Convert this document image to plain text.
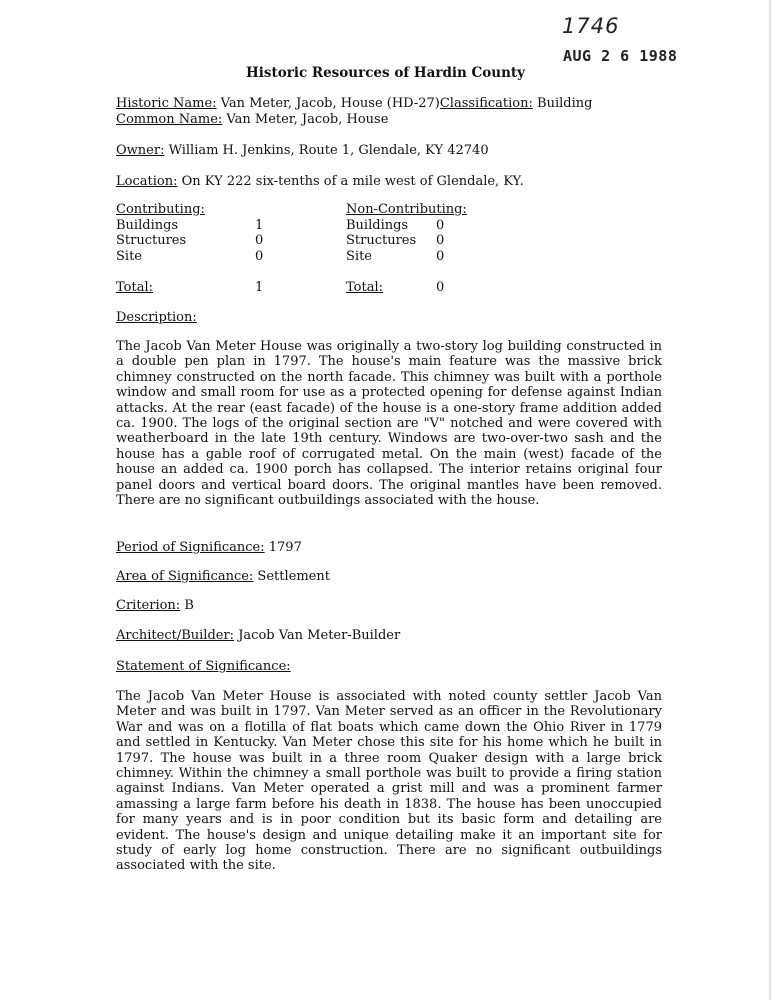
1746
AUG 2 6 1988
Historic Resources of Hardin County
Historic Name: Van Meter, Jacob, House (HD-27)Classification: Building
Common Name: Van Meter, Jacob, House
Owner: William H. Jenkins, Route 1, Glendale, KY 42740
Location: On KY 222 six-tenths of a mile west of Glendale, KY.
Contributing:
Buildings	1
Structures	0
Site	0
Total:	1
Non-Contributing:
Buildings 0
Structures 0
Site	0
Total:	0
Description:
The Jacob Van Meter House was originally a two-story log building constructed in a double pen plan in 1797. The house's main feature was the massive brick chimney constructed on the north facade. This chimney was built with a porthole window and small room for use as a protected opening for defense against Indian attacks. At the rear (east facade) of the house is a one-story frame addition added ca. 1900. The logs of the original section are "V" notched and were covered with weatherboard in the late 19th century. Windows are two-over-two sash and the house has a gable roof of corrugated metal. On the main (west) facade of the house an added ca. 1900 porch has collapsed. The interior retains original four panel doors and vertical board doors. The original mantles have been removed. There are no significant outbuildings associated with the house.
Period of Significance: 1797
Area of Significance: Settlement
Criterion: B
Architect/Builder: Jacob Van Meter-Builder
Statement of Significance:
The Jacob Van Meter House is associated with noted county settler Jacob Van Meter and was built in 1797. Van Meter served as an officer in the Revolutionary War and was on a flotilla of flat boats which came down the Ohio River in 1779 and settled in Kentucky. Van Meter chose this site for his home which he built in 1797. The house was built in a three room Quaker design with a large brick chimney. Within the chimney a small porthole was built to provide a firing station against Indians. Van Meter operated a grist mill and was a prominent farmer amassing a large farm before his death in 1838. The house has been unoccupied for many years and is in poor condition but its basic form and detailing are evident. The house's design and unique detailing make it an important site for study of early log home construction. There are no significant outbuildings associated with the site.
